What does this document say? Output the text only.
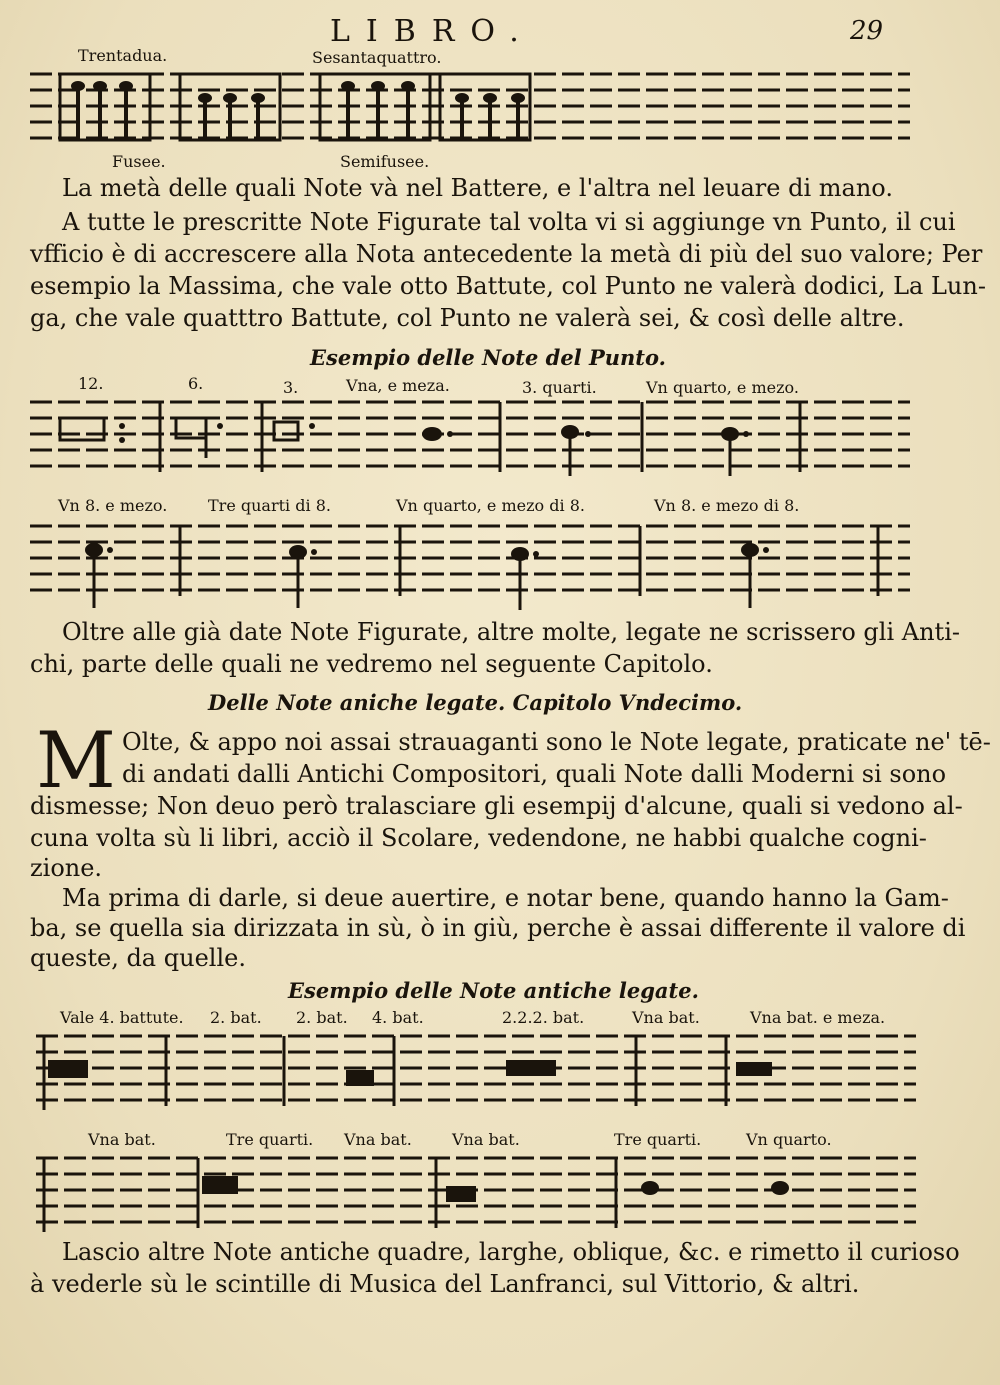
LIBRO.	29
Trentadua.	Sesantaquattro.
Fusee.	Semifusee.
La metà delle quali Note và nel Battere, e l'altra nel leuare di mano.
A tutte le prescritte Note Figurate tal volta vi si aggiunge vn Punto, il cui
vfficio è di accrescere alla Nota antecedente la metà di più del suo valore; Per
esempio la Massima, che vale otto Battute, col Punto ne valerà dodici, La Lun-
ga, che vale quatttro Battute, col Punto ne valerà sei, & così delle altre.
Esempio delle Note del Punto.
12.	6.	3.	Vna, e meza.	3. quarti.	Vn quarto, e mezo.
Vn 8. e mezo.	Tre quarti di 8.	Vn quarto, e mezo di 8.	Vn 8. e mezo di 8.
Oltre alle già date Note Figurate, altre molte, legate ne scrissero gli Anti-
chi, parte delle quali ne vedremo nel seguente Capitolo.
Delle Note aniche legate. Capitolo Vndecimo.
M Olte, & appo noi assai strauaganti sono le Note legate, praticate ne' tē-
di andati dalli Antichi Compositori, quali Note dalli Moderni si sono
dismesse; Non deuo però tralasciare gli esempij d'alcune, quali si vedono al-
cuna volta sù li libri, acciò il Scolare, vedendone, ne habbi qualche cogni-
zione.
Ma prima di darle, si deue auertire, e notar bene, quando hanno la Gam-
ba, se quella sia dirizzata in sù, ò in giù, perche è assai differente il valore di
queste, da quelle.
Esempio delle Note antiche legate.
Vale 4. battute. 2. bat. 2. bat. 4. bat.	2.2.2. bat.	Vna bat.	Vna bat. e meza.
Vna bat.	Tre quarti. Vna bat.	Vna bat.	Tre quarti.	Vn quarto.
Lascio altre Note antiche quadre, larghe, oblique, &c. e rimetto il curioso
à vederle sù le scintille di Musica del Lanfranci, sul Vittorio, & altri.
